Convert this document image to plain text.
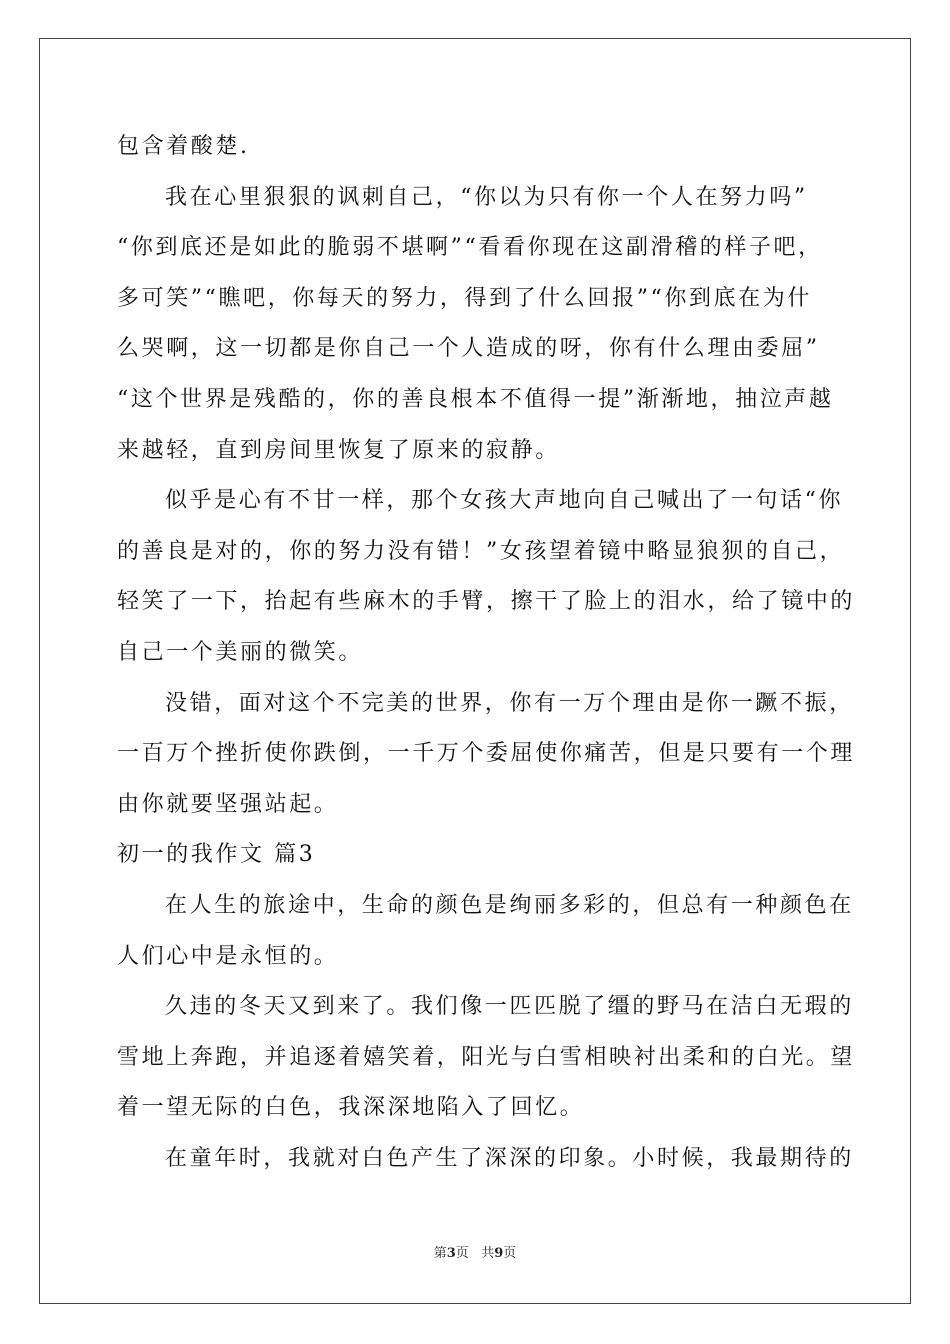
包含着酸楚.
我在心里狠狠的讽刺自己，“你以为只有你一个人在努力吗”
“你到底还是如此的脆弱不堪啊”“看看你现在这副滑稽的样子吧，
多可笑”“瞧吧，你每天的努力，得到了什么回报”“你到底在为什
么哭啊，这一切都是你自己一个人造成的呀，你有什么理由委屈”
“这个世界是残酷的，你的善良根本不值得一提”渐渐地，抽泣声越
来越轻，直到房间里恢复了原来的寂静。
似乎是心有不甘一样，那个女孩大声地向自己喊出了一句话“你
的善良是对的，你的努力没有错！”女孩望着镜中略显狼狈的自己，
轻笑了一下，抬起有些麻木的手臂，擦干了脸上的泪水，给了镜中的
自己一个美丽的微笑。
没错，面对这个不完美的世界，你有一万个理由是你一蹶不振，
一百万个挫折使你跌倒，一千万个委屈使你痛苦，但是只要有一个理
由你就要坚强站起。
初一的我作文 篇3
在人生的旅途中，生命的颜色是绚丽多彩的，但总有一种颜色在
人们心中是永恒的。
久违的冬天又到来了。我们像一匹匹脱了缰的野马在洁白无瑕的
雪地上奔跑，并追逐着嬉笑着，阳光与白雪相映衬出柔和的白光。望
着一望无际的白色，我深深地陷入了回忆。
在童年时，我就对白色产生了深深的印象。小时候，我最期待的
第3页 共9页
